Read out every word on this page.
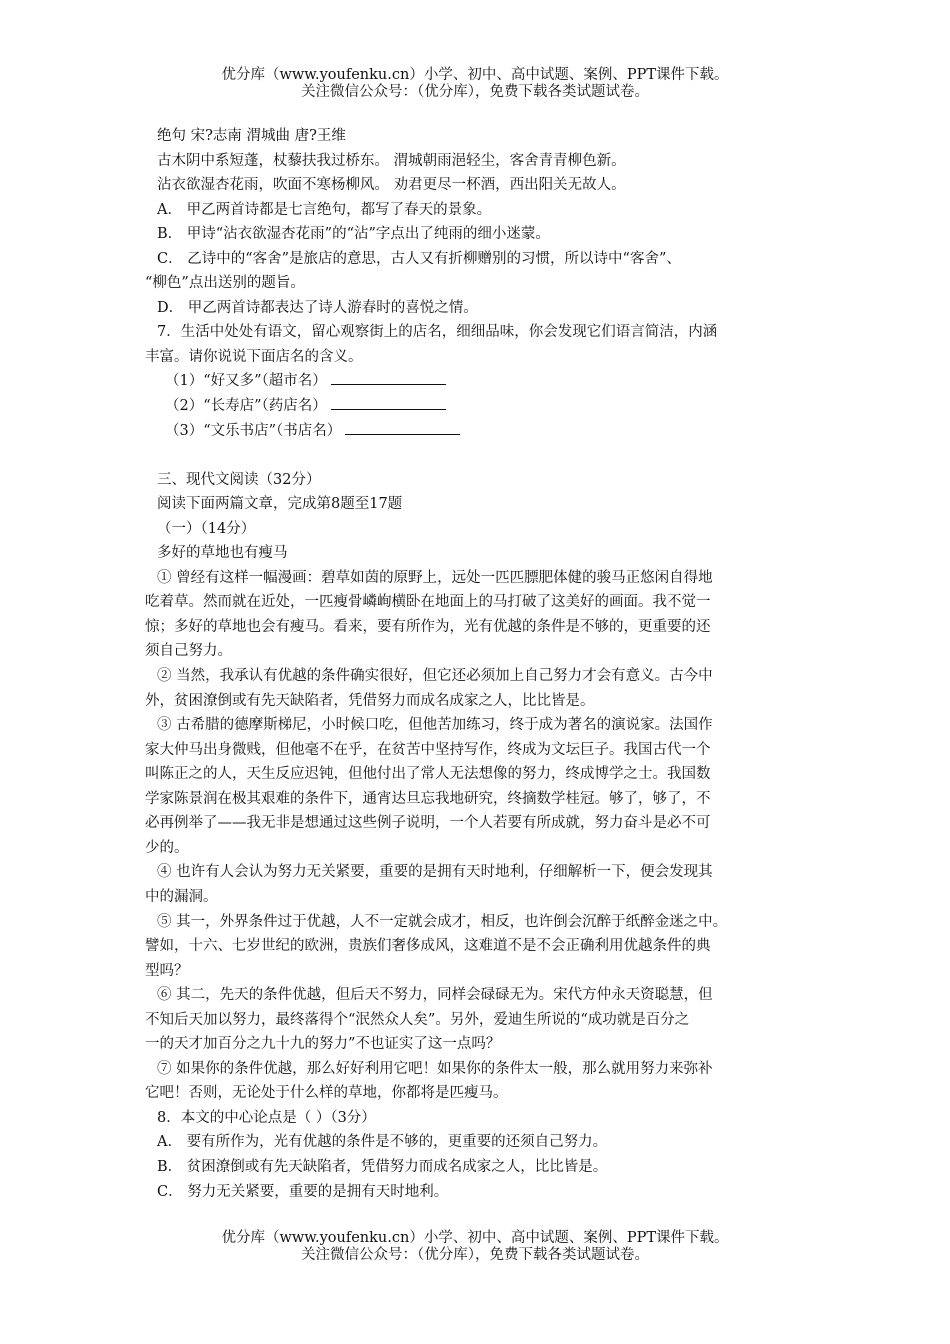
优分库（www.youfenku.cn）小学、初中、高中试题、案例、PPT课件下载。
关注微信公众号：（优分库），免费下载各类试题试卷。
绝句 宋?志南 渭城曲 唐?王维
古木阴中系短蓬，杖藜扶我过桥东。 渭城朝雨浥轻尘，客舍青青柳色新。
沾衣欲湿杏花雨，吹面不寒杨柳风。 劝君更尽一杯酒，西出阳关无故人。
A． 甲乙两首诗都是七言绝句，都写了春天的景象。
B． 甲诗“沾衣欲湿杏花雨”的“沾”字点出了纯雨的细小迷蒙。
C． 乙诗中的“客舍”是旅店的意思，古人又有折柳赠别的习惯，所以诗中“客舍”、
“柳色”点出送别的题旨。
D． 甲乙两首诗都表达了诗人游春时的喜悦之情。
7．生活中处处有语文，留心观察街上的店名，细细品味，你会发现它们语言简洁，内涵
丰富。请你说说下面店名的含义。
（1）“好又多”（超市名）
（2）“长寿店”（药店名）
（3）“文乐书店”（书店名）
三、现代文阅读（32分）
阅读下面两篇文章，完成第8题至17题
（一）（14分）
多好的草地也有瘦马
① 曾经有这样一幅漫画：碧草如茵的原野上，远处一匹匹膘肥体健的骏马正悠闲自得地
吃着草。然而就在近处，一匹瘦骨嶙峋横卧在地面上的马打破了这美好的画面。我不觉一
惊；多好的草地也会有瘦马。看来，要有所作为，光有优越的条件是不够的，更重要的还
须自己努力。
② 当然，我承认有优越的条件确实很好，但它还必须加上自己努力才会有意义。古今中
外，贫困潦倒或有先天缺陷者，凭借努力而成名成家之人，比比皆是。
③ 古希腊的德摩斯梯尼，小时候口吃，但他苦加练习，终于成为著名的演说家。法国作
家大仲马出身微贱，但他毫不在乎，在贫苦中坚持写作，终成为文坛巨子。我国古代一个
叫陈正之的人，天生反应迟钝，但他付出了常人无法想像的努力，终成博学之士。我国数
学家陈景润在极其艰难的条件下，通宵达旦忘我地研究，终摘数学桂冠。够了，够了，不
必再例举了——我无非是想通过这些例子说明，一个人若要有所成就，努力奋斗是必不可
少的。
④ 也许有人会认为努力无关紧要，重要的是拥有天时地利，仔细解析一下，便会发现其
中的漏洞。
⑤ 其一，外界条件过于优越，人不一定就会成才，相反，也许倒会沉醉于纸醉金迷之中。
譬如，十六、七岁世纪的欧洲，贵族们奢侈成风，这难道不是不会正确利用优越条件的典
型吗？
⑥ 其二，先天的条件优越，但后天不努力，同样会碌碌无为。宋代方仲永天资聪慧，但
不知后天加以努力，最终落得个“泯然众人矣”。另外，爱迪生所说的“成功就是百分之
一的天才加百分之九十九的努力”不也证实了这一点吗？
⑦ 如果你的条件优越，那么好好利用它吧！如果你的条件太一般，那么就用努力来弥补
它吧！否则，无论处于什么样的草地，你都将是匹瘦马。
8．本文的中心论点是（ ）（3分）
A． 要有所作为，光有优越的条件是不够的，更重要的还须自己努力。
B． 贫困潦倒或有先天缺陷者，凭借努力而成名成家之人，比比皆是。
C． 努力无关紧要，重要的是拥有天时地利。
优分库（www.youfenku.cn）小学、初中、高中试题、案例、PPT课件下载。
关注微信公众号：（优分库），免费下载各类试题试卷。
